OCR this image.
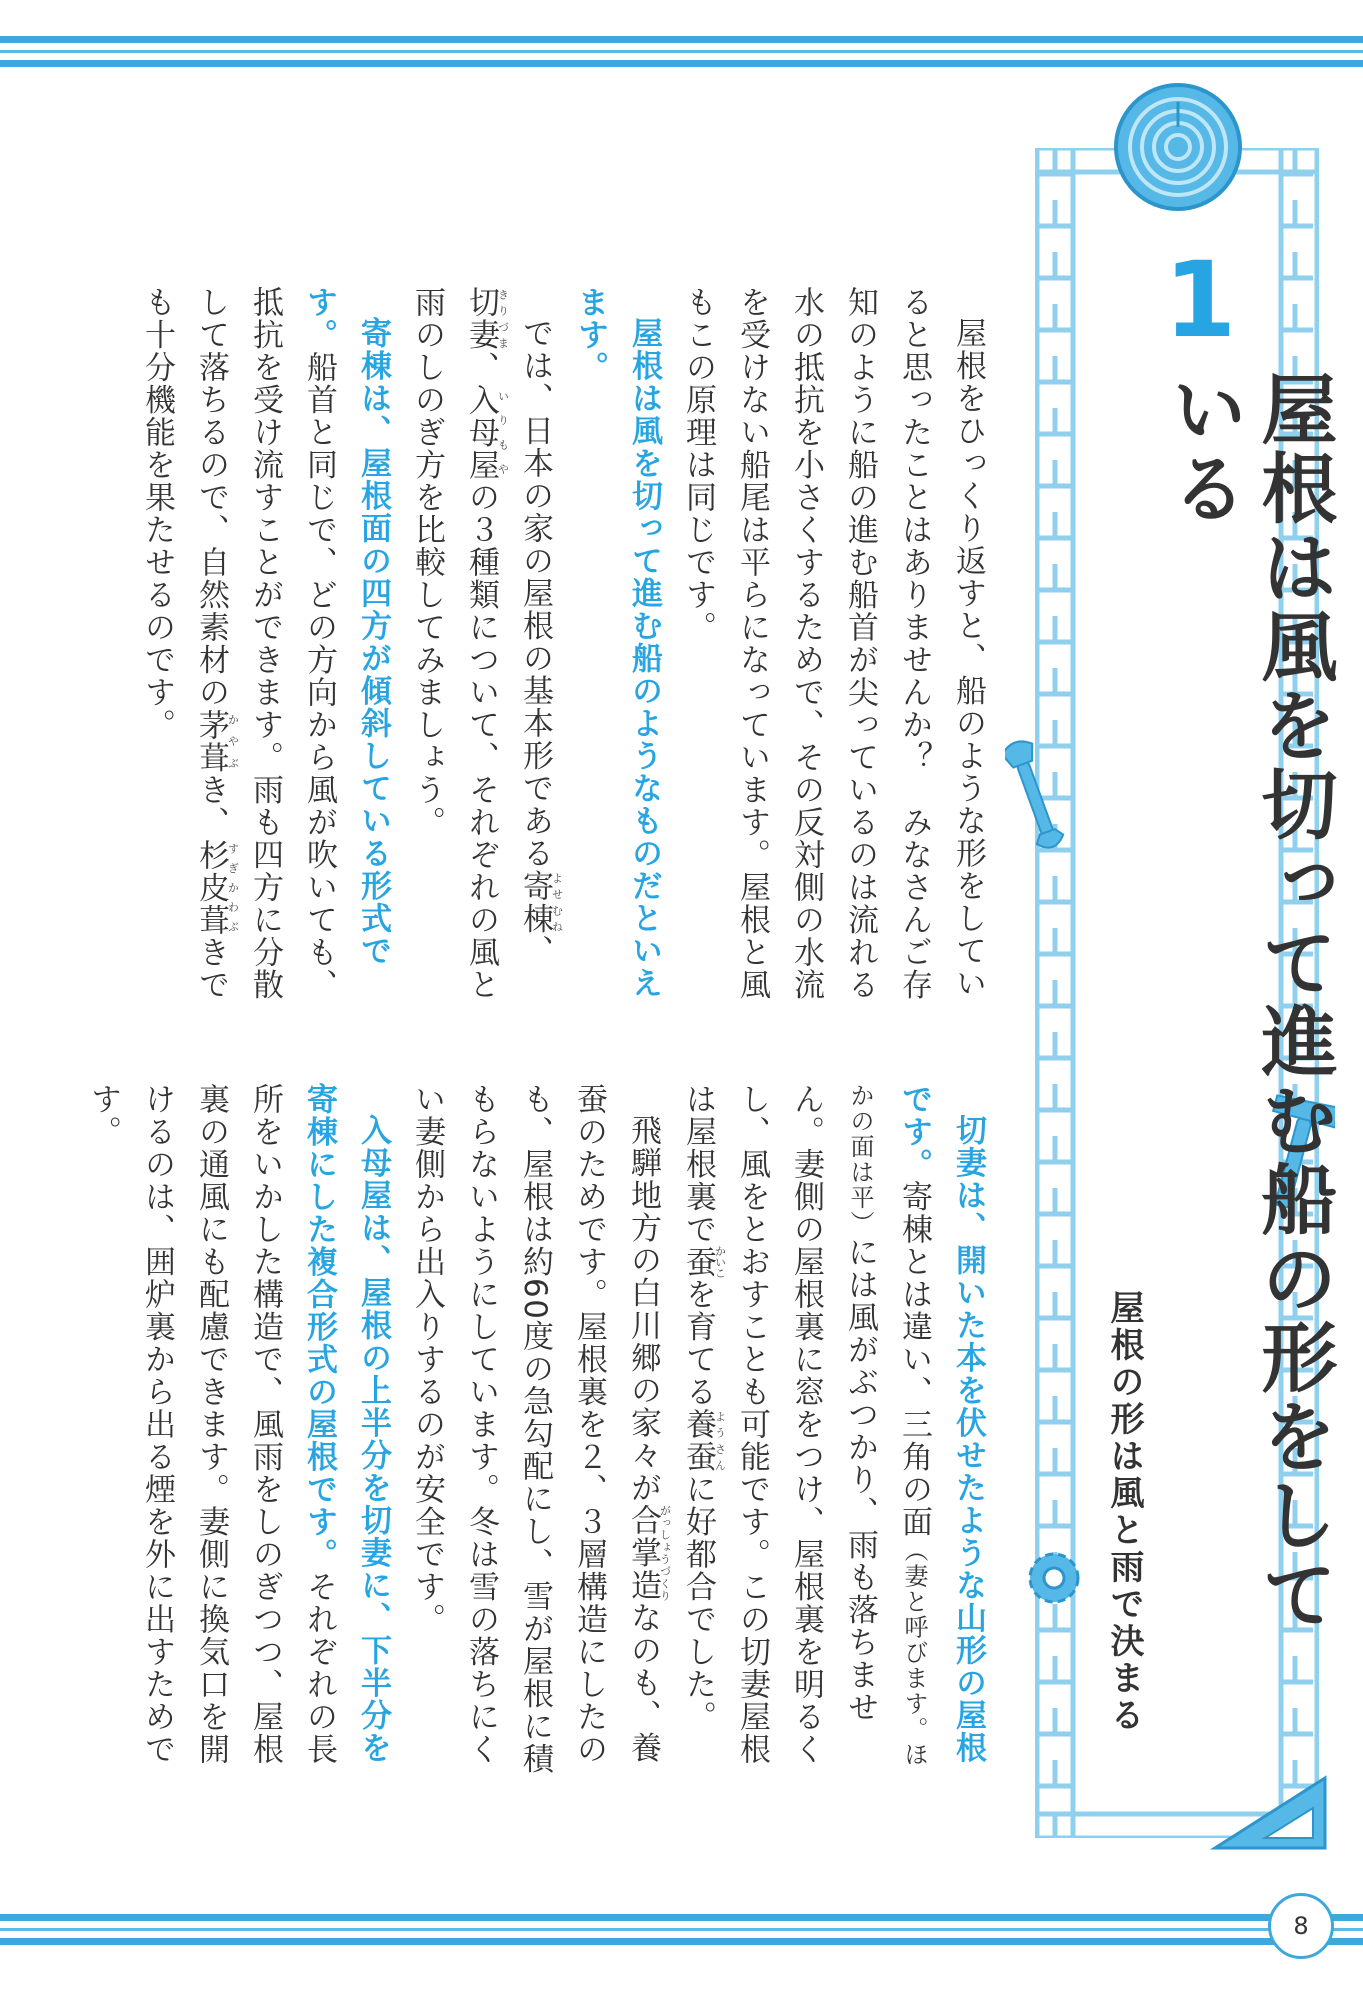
1
屋根は風を切って進む船の形をしている
屋根の形は風と雨で決まる

屋根をひっくり返すと、船のような形をしていると思ったことはありませんか？　みなさんご存知のように船の進む船首が尖っているのは流れる水の抵抗を小さくするためで、その反対側の水流を受けない船尾は平らになっています。屋根と風もこの原理は同じです。

屋根は風を切って進む船のようなものだといえます。

では、日本の家の屋根の基本形である寄棟よせむね、切妻きりづま、入母屋いりもやの３種類について、それぞれの風と雨のしのぎ方を比較してみましょう。

寄棟は、屋根面の四方が傾斜している形式です。船首と同じで、どの方向から風が吹いても、抵抗を受け流すことができます。雨も四方に分散して落ちるので、自然素材の茅葺かやぶき、杉皮葺すぎかわぶきでも十分機能を果たせるのです。

切妻は、開いた本を伏せたような山形の屋根です。寄棟とは違い、三角の面（妻と呼びます。ほかの面は平）には風がぶつかり、雨も落ちません。妻側の屋根裏に窓をつけ、屋根裏を明るくし、風をとおすことも可能です。この切妻屋根は屋根裏で蚕かいこを育てる養蚕ようさんに好都合でした。

飛騨地方の白川郷の家々が合掌造がっしょうづくりなのも、養蚕のためです。屋根裏を２、３層構造にしたのも、屋根は約60度の急勾配にし、雪が屋根に積もらないようにしています。冬は雪の落ちにくい妻側から出入りするのが安全です。

入母屋は、屋根の上半分を切妻に、下半分を寄棟にした複合形式の屋根です。それぞれの長所をいかした構造で、風雨をしのぎつつ、屋根裏の通風にも配慮できます。妻側に換気口を開けるのは、囲炉裏から出る煙を外に出すためです。

8
